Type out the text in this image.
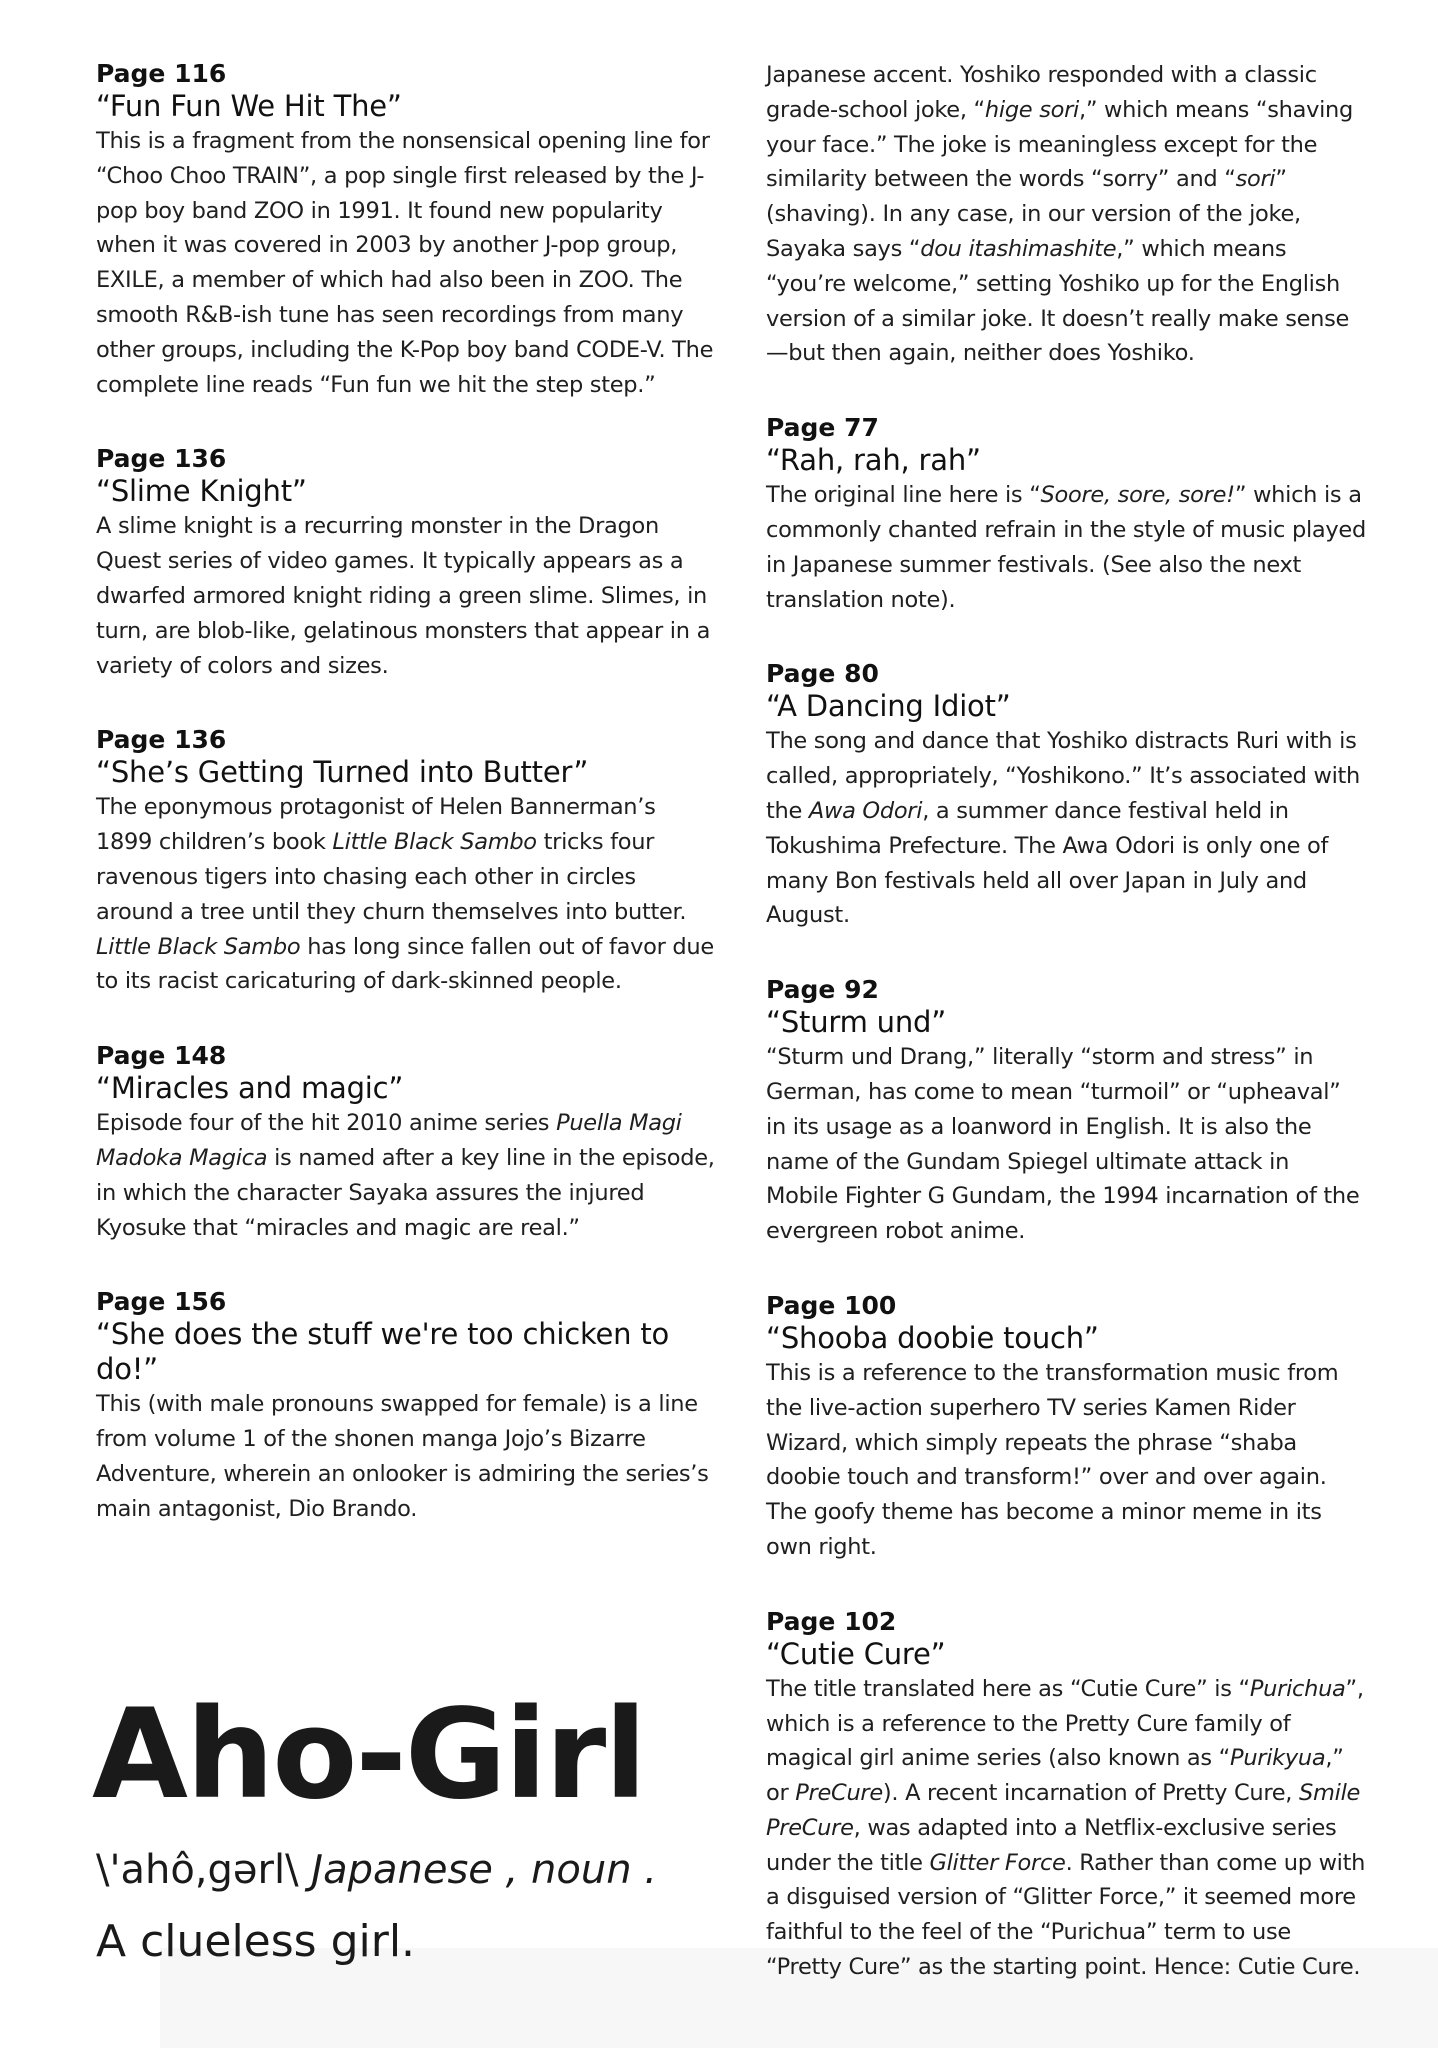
Page 116
“Fun Fun We Hit The”
This is a fragment from the nonsensical opening line for “Choo Choo TRAIN”, a pop single first released by the J-pop boy band ZOO in 1991. It found new popularity when it was covered in 2003 by another J-pop group, EXILE, a member of which had also been in ZOO. The smooth R&B-ish tune has seen recordings from many other groups, including the K-Pop boy band CODE-V. The complete line reads “Fun fun we hit the step step.”
Page 136
“Slime Knight”
A slime knight is a recurring monster in the Dragon Quest series of video games. It typically appears as a dwarfed armored knight riding a green slime. Slimes, in turn, are blob-like, gelatinous monsters that appear in a variety of colors and sizes.
Page 136
“She’s Getting Turned into Butter”
The eponymous protagonist of Helen Bannerman’s 1899 children’s book Little Black Sambo tricks four ravenous tigers into chasing each other in circles around a tree until they churn themselves into butter. Little Black Sambo has long since fallen out of favor due to its racist caricaturing of dark-skinned people.
Page 148
“Miracles and magic”
Episode four of the hit 2010 anime series Puella Magi Madoka Magica is named after a key line in the episode, in which the character Sayaka assures the injured Kyosuke that “miracles and magic are real.”
Page 156
“She does the stuff we're too chicken to do!”
This (with male pronouns swapped for female) is a line from volume 1 of the shonen manga Jojo’s Bizarre Adventure, wherein an onlooker is admiring the series’s main antagonist, Dio Brando.
Japanese accent. Yoshiko responded with a classic grade-school joke, “hige sori,” which means “shaving your face.” The joke is meaningless except for the similarity between the words “sorry” and “sori” (shaving). In any case, in our version of the joke, Sayaka says “dou itashimashite,” which means “you’re welcome,” setting Yoshiko up for the English version of a similar joke. It doesn’t really make sense—but then again, neither does Yoshiko.
Page 77
“Rah, rah, rah”
The original line here is “Soore, sore, sore!” which is a commonly chanted refrain in the style of music played in Japanese summer festivals. (See also the next translation note).
Page 80
“A Dancing Idiot”
The song and dance that Yoshiko distracts Ruri with is called, appropriately, “Yoshikono.” It’s associated with the Awa Odori, a summer dance festival held in Tokushima Prefecture. The Awa Odori is only one of many Bon festivals held all over Japan in July and August.
Page 92
“Sturm und”
“Sturm und Drang,” literally “storm and stress” in German, has come to mean “turmoil” or “upheaval” in its usage as a loanword in English. It is also the name of the Gundam Spiegel ultimate attack in Mobile Fighter G Gundam, the 1994 incarnation of the evergreen robot anime.
Page 100
“Shooba doobie touch”
This is a reference to the transformation music from the live-action superhero TV series Kamen Rider Wizard, which simply repeats the phrase “shaba doobie touch and transform!” over and over again. The goofy theme has become a minor meme in its own right.
Page 102
“Cutie Cure”
The title translated here as “Cutie Cure” is “Purichua”, which is a reference to the Pretty Cure family of magical girl anime series (also known as “Purikyua,” or PreCure). A recent incarnation of Pretty Cure, Smile PreCure, was adapted into a Netflix-exclusive series under the title Glitter Force. Rather than come up with a disguised version of “Glitter Force,” it seemed more faithful to the feel of the “Purichua” term to use “Pretty Cure” as the starting point. Hence: Cutie Cure.
Aho-Girl
\'ahô,gərl\ Japanese , noun .
A clueless girl.
